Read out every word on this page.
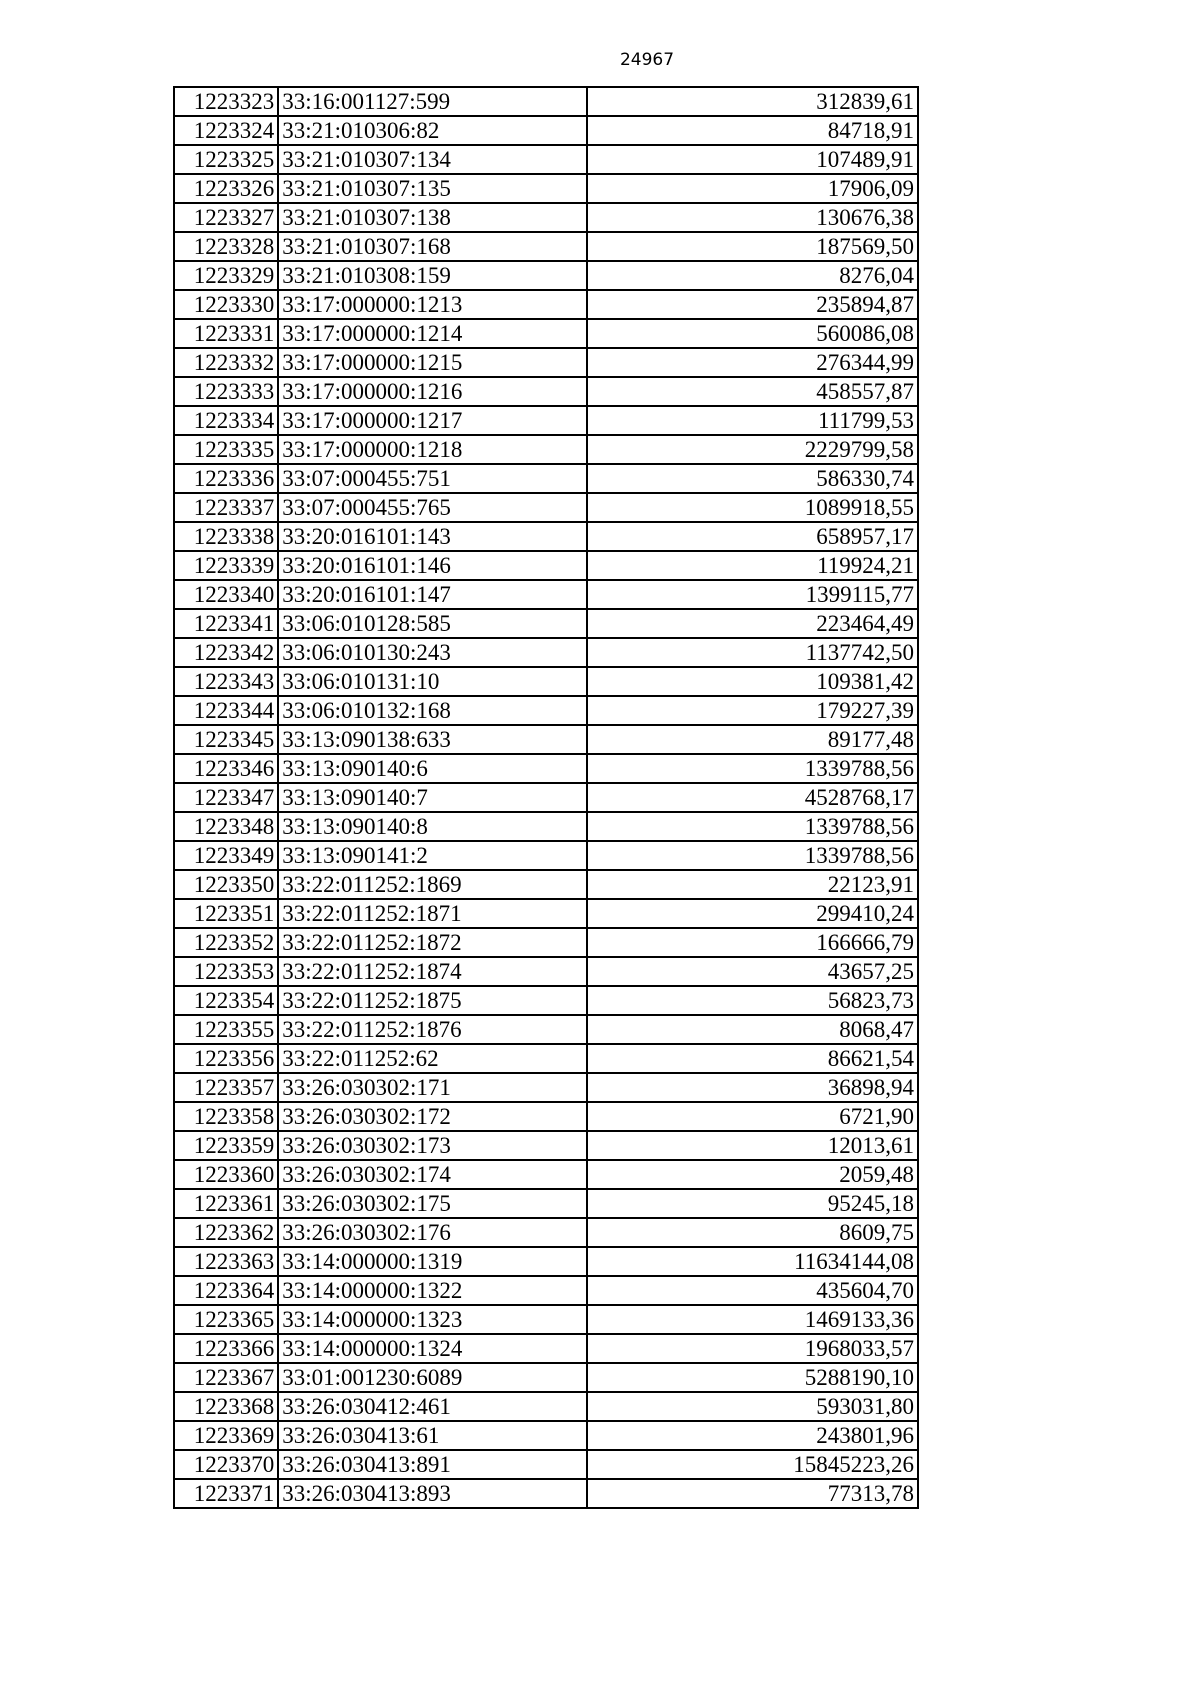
24967
1223323	33:16:001127:599	312839,61
1223324	33:21:010306:82	84718,91
1223325	33:21:010307:134	107489,91
1223326	33:21:010307:135	17906,09
1223327	33:21:010307:138	130676,38
1223328	33:21:010307:168	187569,50
1223329	33:21:010308:159	8276,04
1223330	33:17:000000:1213	235894,87
1223331	33:17:000000:1214	560086,08
1223332	33:17:000000:1215	276344,99
1223333	33:17:000000:1216	458557,87
1223334	33:17:000000:1217	111799,53
1223335	33:17:000000:1218	2229799,58
1223336	33:07:000455:751	586330,74
1223337	33:07:000455:765	1089918,55
1223338	33:20:016101:143	658957,17
1223339	33:20:016101:146	119924,21
1223340	33:20:016101:147	1399115,77
1223341	33:06:010128:585	223464,49
1223342	33:06:010130:243	1137742,50
1223343	33:06:010131:10	109381,42
1223344	33:06:010132:168	179227,39
1223345	33:13:090138:633	89177,48
1223346	33:13:090140:6	1339788,56
1223347	33:13:090140:7	4528768,17
1223348	33:13:090140:8	1339788,56
1223349	33:13:090141:2	1339788,56
1223350	33:22:011252:1869	22123,91
1223351	33:22:011252:1871	299410,24
1223352	33:22:011252:1872	166666,79
1223353	33:22:011252:1874	43657,25
1223354	33:22:011252:1875	56823,73
1223355	33:22:011252:1876	8068,47
1223356	33:22:011252:62	86621,54
1223357	33:26:030302:171	36898,94
1223358	33:26:030302:172	6721,90
1223359	33:26:030302:173	12013,61
1223360	33:26:030302:174	2059,48
1223361	33:26:030302:175	95245,18
1223362	33:26:030302:176	8609,75
1223363	33:14:000000:1319	11634144,08
1223364	33:14:000000:1322	435604,70
1223365	33:14:000000:1323	1469133,36
1223366	33:14:000000:1324	1968033,57
1223367	33:01:001230:6089	5288190,10
1223368	33:26:030412:461	593031,80
1223369	33:26:030413:61	243801,96
1223370	33:26:030413:891	15845223,26
1223371	33:26:030413:893	77313,78
